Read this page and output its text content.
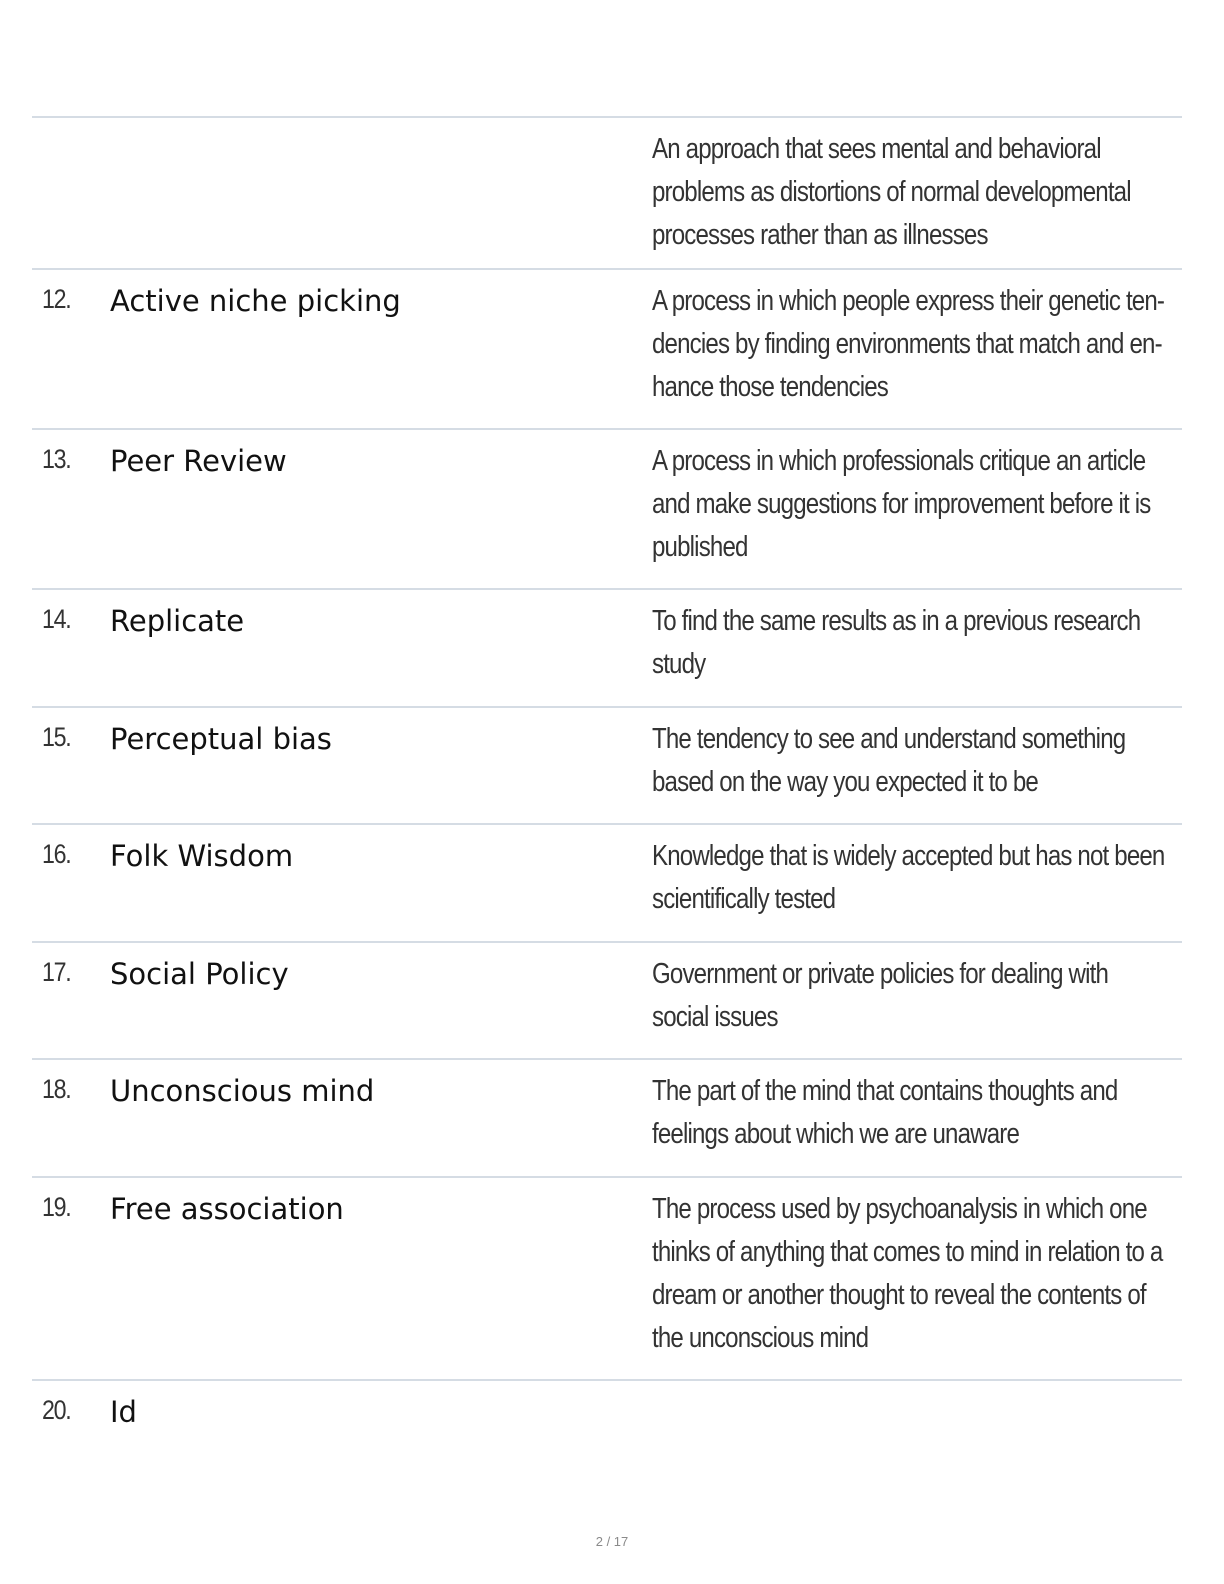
An approach that sees mental and behavioral problems as distortions of normal developmental processes rather than as illnesses
12. Active niche picking	A process in which people express their genetic ten-dencies by finding environments that match and en-hance those tendencies
13. Peer Review	A process in which professionals critique an article and make suggestions for improvement before it is published
14. Replicate	To find the same results as in a previous research study
15. Perceptual bias	The tendency to see and understand something based on the way you expected it to be
16. Folk Wisdom	Knowledge that is widely accepted but has not been scientifically tested
17. Social Policy	Government or private policies for dealing with social issues
18. Unconscious mind	The part of the mind that contains thoughts and feelings about which we are unaware
19. Free association	The process used by psychoanalysis in which one thinks of anything that comes to mind in relation to a dream or another thought to reveal the contents of the unconscious mind
20. Id
2 / 17
